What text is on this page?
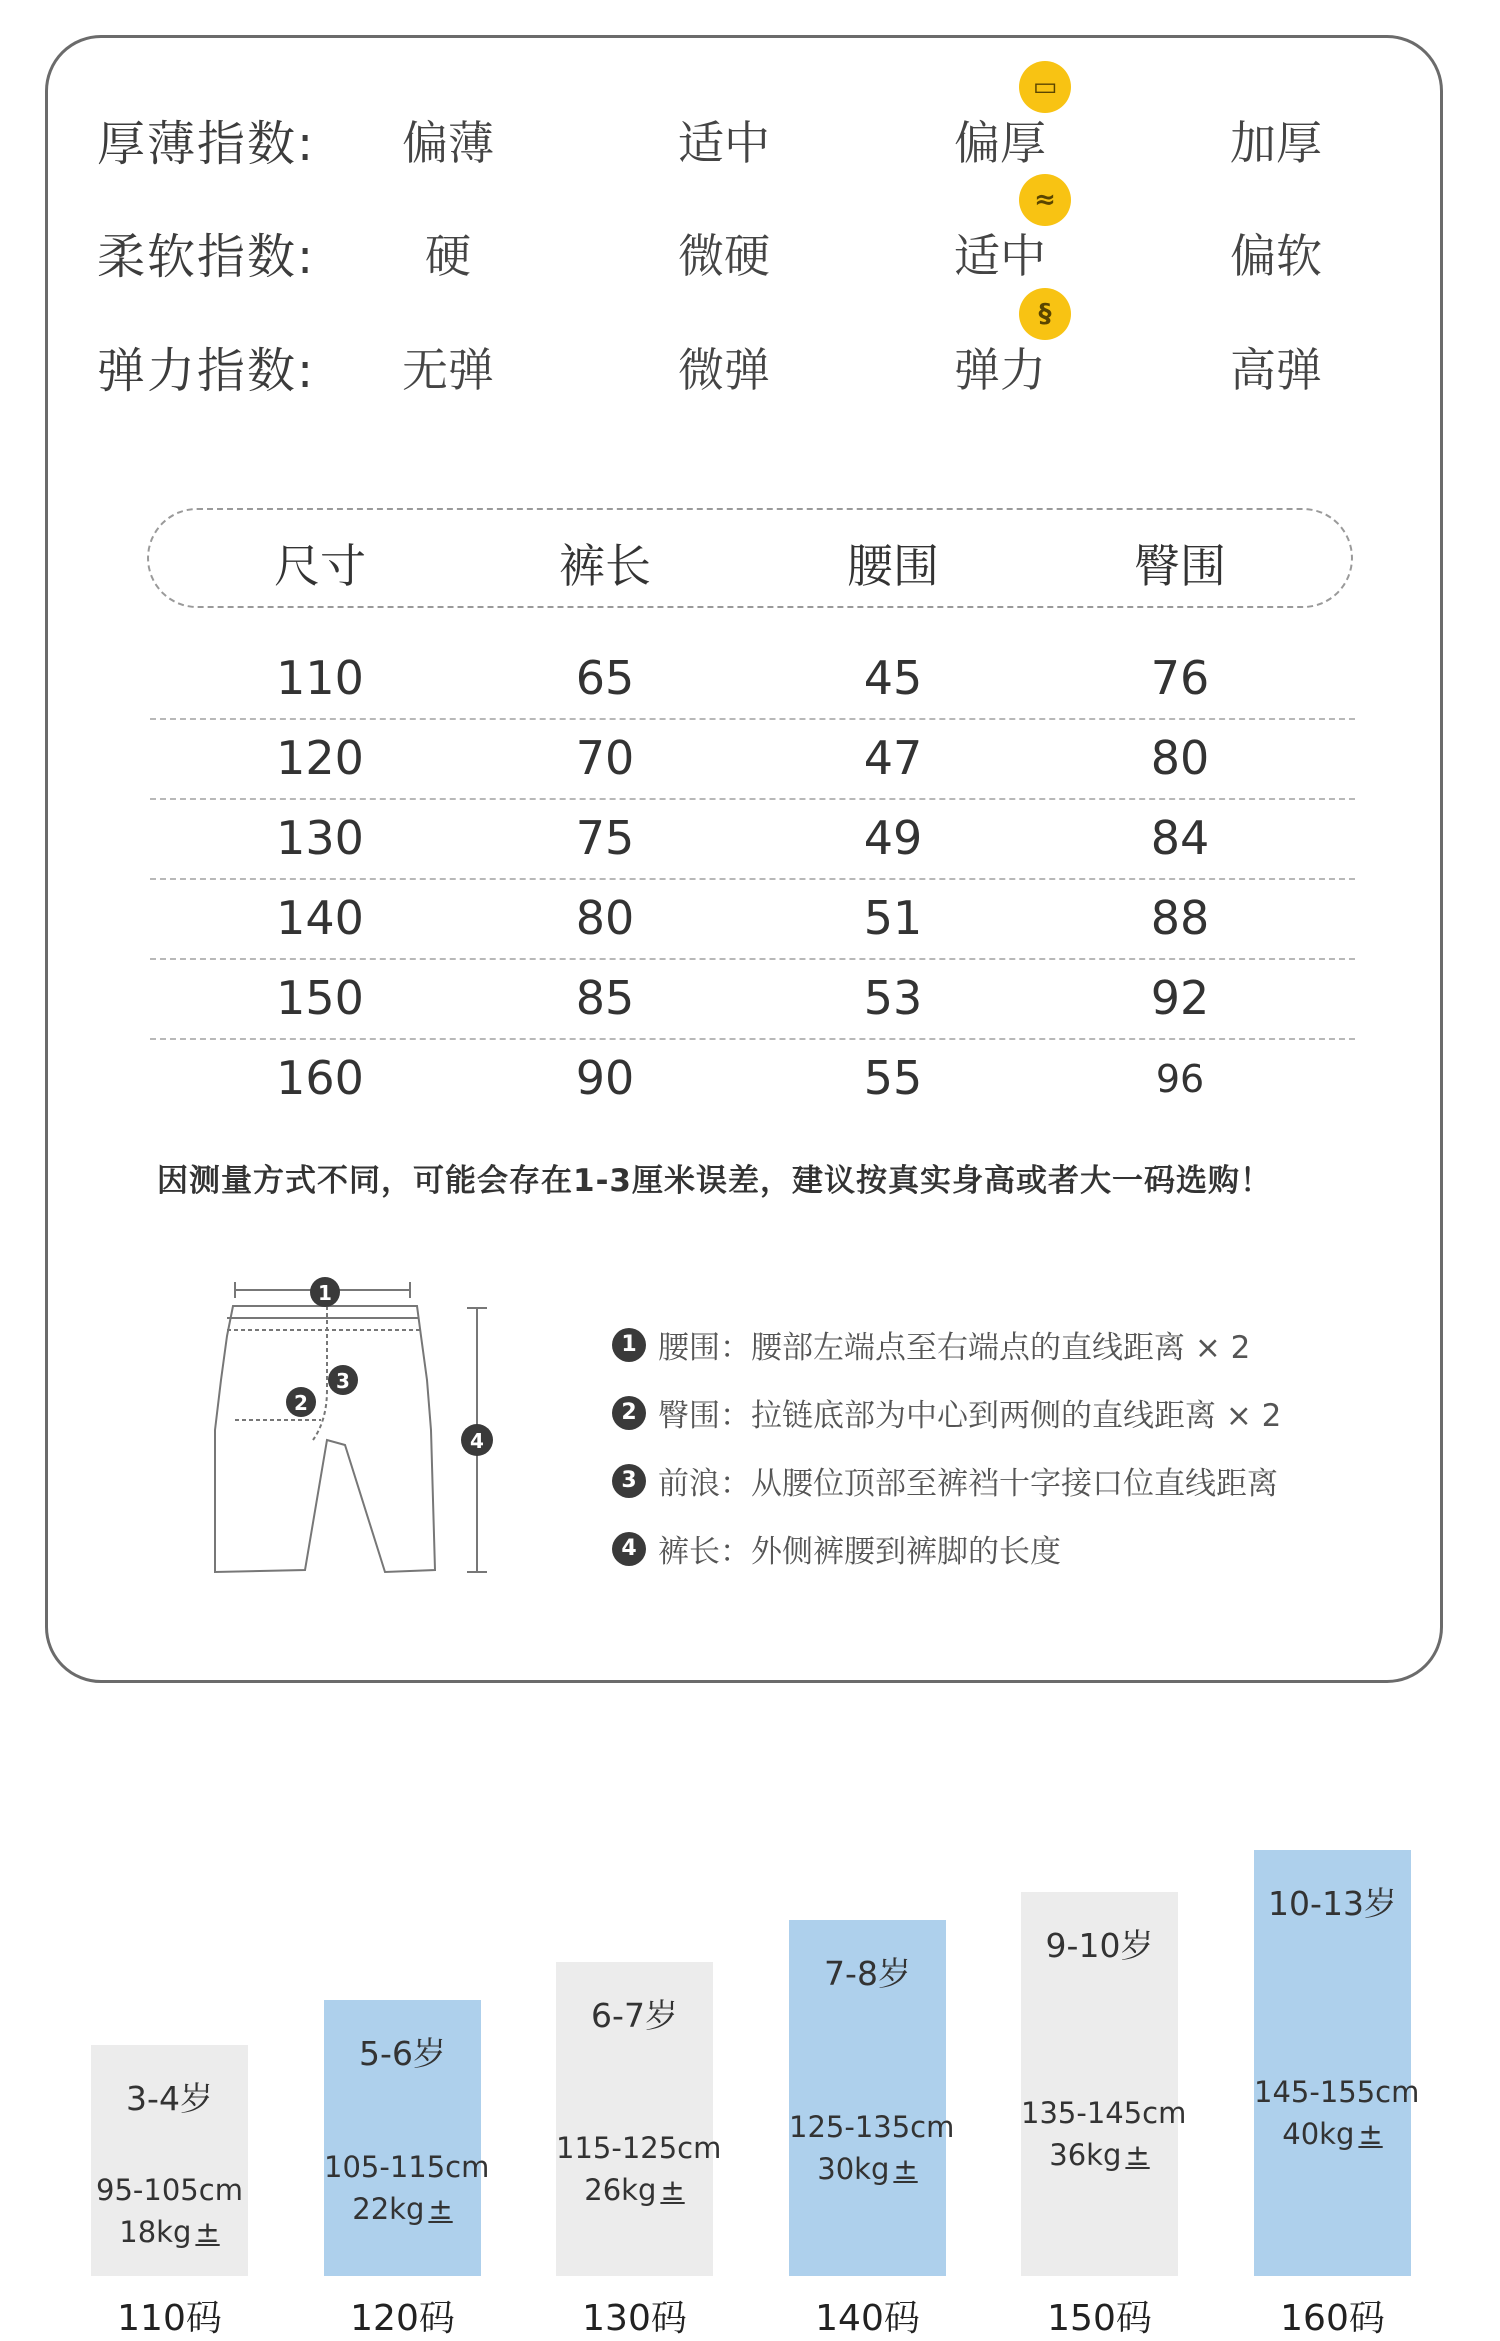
厚薄指数: 偏薄	适中	偏厚	加厚
▭
柔软指数: 硬	微硬	适中	偏软
≈
弹力指数: 无弹	微弹	弹力	高弹
§
尺寸	裤长	腰围	臀围
110	65	45	76
120	70	47	80
130	75	49	84
140	80	51	88
150	85	53	92
160	90	55	96
因测量方式不同，可能会存在1-3厘米误差，建议按真实身高或者大一码选购！
1
3
2
4
1 腰围：腰部左端点至右端点的直线距离 × 2
2 臀围：拉链底部为中心到两侧的直线距离 × 2
3 前浪：从腰位顶部至裤裆十字接口位直线距离
4 裤长：外侧裤腰到裤脚的长度
3-4岁
95-105cm
18kg ±
110码
5-6岁
105-115cm
22kg ±
120码
6-7岁
115-125cm
26kg ±
130码
7-8岁
125-135cm
30kg ±
140码
9-10岁
135-145cm
36kg ±
150码
10-13岁
145-155cm
40kg ±
160码
